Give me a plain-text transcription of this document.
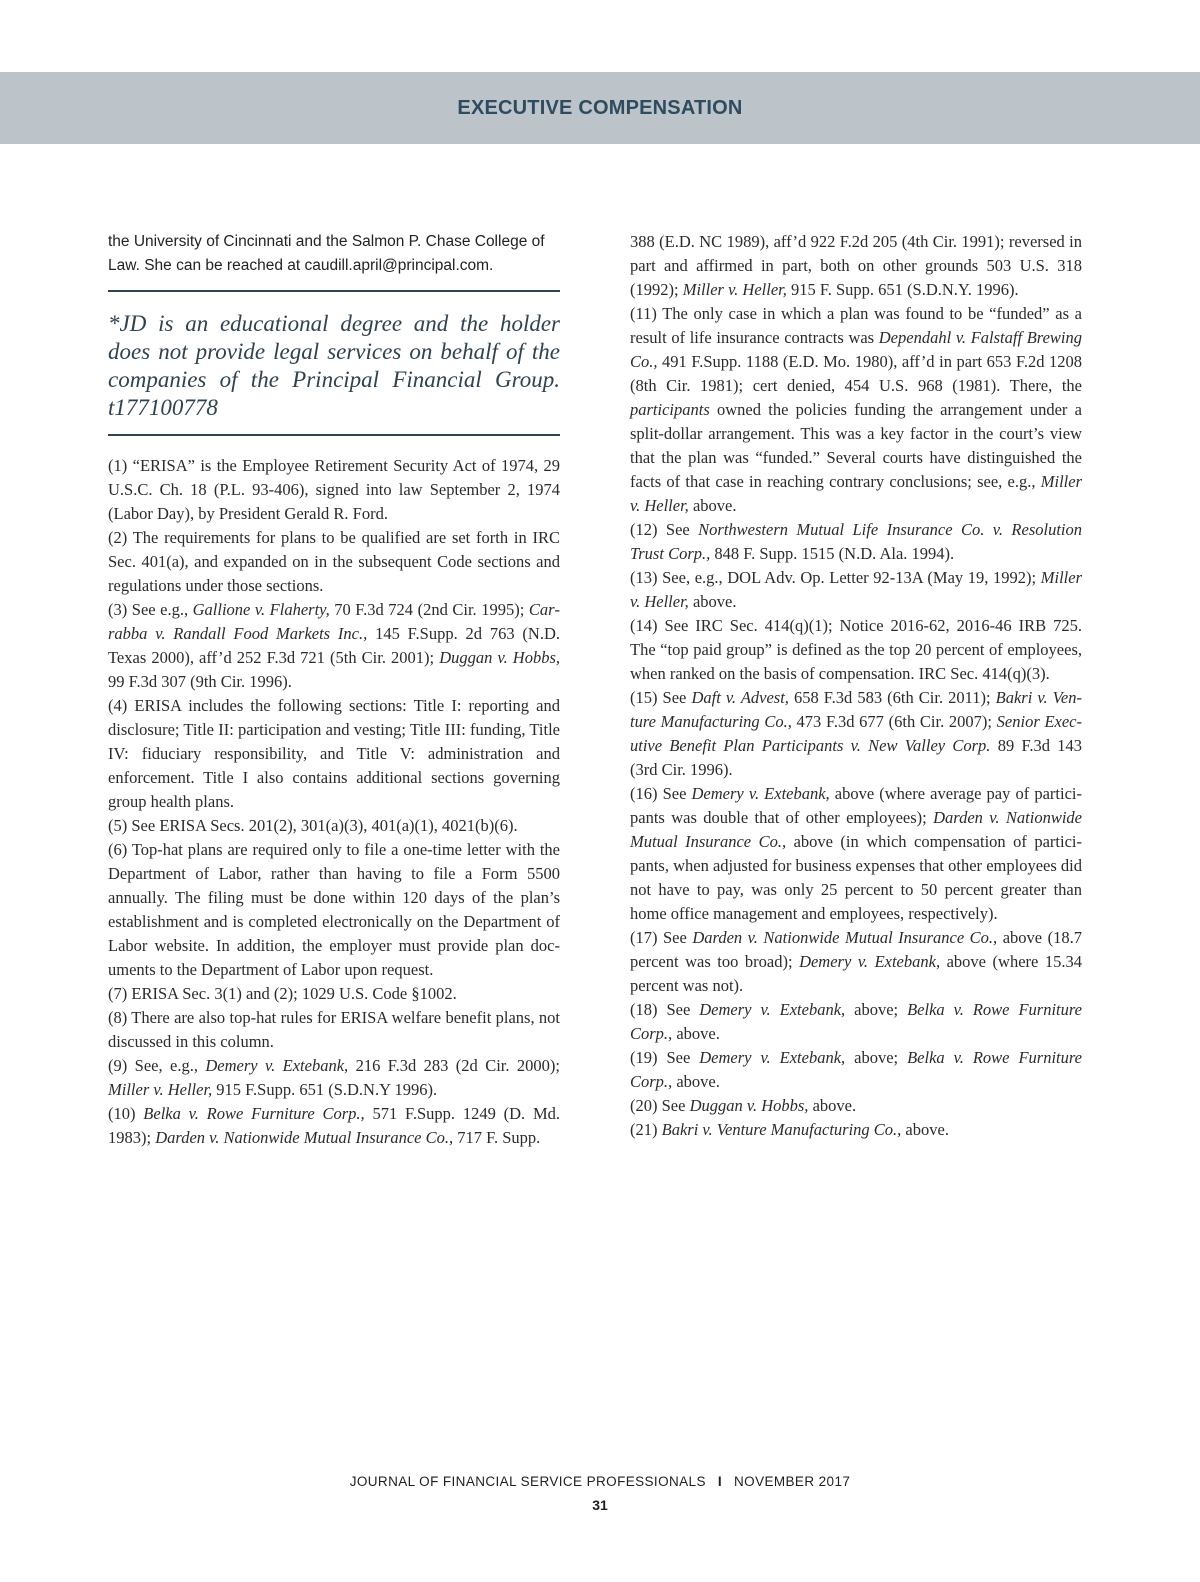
EXECUTIVE COMPENSATION

the University of Cincinnati and the Salmon P. Chase College of Law. She can be reached at caudill.april@principal.com.

*JD is an educational degree and the holder does not provide legal services on behalf of the companies of the Principal Financial Group. t177100778

(1) “ERISA” is the Employee Retirement Security Act of 1974, 29 U.S.C. Ch. 18 (P.L. 93-406), signed into law September 2, 1974 (Labor Day), by President Gerald R. Ford.

(2) The requirements for plans to be qualified are set forth in IRC Sec. 401(a), and expanded on in the subsequent Code sections and regulations under those sections.

(3) See e.g., Gallione v. Flaherty, 70 F.3d 724 (2nd Cir. 1995); Carrabba v. Randall Food Markets Inc., 145 F.Supp. 2d 763 (N.D. Texas 2000), aff’d 252 F.3d 721 (5th Cir. 2001); Duggan v. Hobbs, 99 F.3d 307 (9th Cir. 1996).

(4) ERISA includes the following sections: Title I: reporting and disclosure; Title II: participation and vesting; Title III: funding, Title IV: fiduciary responsibility, and Title V: administration and enforcement. Title I also contains additional sections governing group health plans.

(5) See ERISA Secs. 201(2), 301(a)(3), 401(a)(1), 4021(b)(6).

(6) Top-hat plans are required only to file a one-time letter with the Department of Labor, rather than having to file a Form 5500 annually. The filing must be done within 120 days of the plan’s establishment and is completed electronically on the Department of Labor website. In addition, the employer must provide plan documents to the Department of Labor upon request.

(7) ERISA Sec. 3(1) and (2); 1029 U.S. Code §1002.

(8) There are also top-hat rules for ERISA welfare benefit plans, not discussed in this column.

(9) See, e.g., Demery v. Extebank, 216 F.3d 283 (2d Cir. 2000); Miller v. Heller, 915 F.Supp. 651 (S.D.N.Y 1996).

(10) Belka v. Rowe Furniture Corp., 571 F.Supp. 1249 (D. Md. 1983); Darden v. Nationwide Mutual Insurance Co., 717 F. Supp.

388 (E.D. NC 1989), aff’d 922 F.2d 205 (4th Cir. 1991); reversed in part and affirmed in part, both on other grounds 503 U.S. 318 (1992); Miller v. Heller, 915 F. Supp. 651 (S.D.N.Y. 1996).

(11) The only case in which a plan was found to be “funded” as a result of life insurance contracts was Dependahl v. Falstaff Brewing Co., 491 F.Supp. 1188 (E.D. Mo. 1980), aff’d in part 653 F.2d 1208 (8th Cir. 1981); cert denied, 454 U.S. 968 (1981). There, the participants owned the policies funding the arrangement under a split-dollar arrangement. This was a key factor in the court’s view that the plan was “funded.” Several courts have distinguished the facts of that case in reaching contrary conclusions; see, e.g., Miller v. Heller, above.

(12) See Northwestern Mutual Life Insurance Co. v. Resolution Trust Corp., 848 F. Supp. 1515 (N.D. Ala. 1994).

(13) See, e.g., DOL Adv. Op. Letter 92-13A (May 19, 1992); Miller v. Heller, above.

(14) See IRC Sec. 414(q)(1); Notice 2016-62, 2016-46 IRB 725. The “top paid group” is defined as the top 20 percent of employees, when ranked on the basis of compensation. IRC Sec. 414(q)(3).

(15) See Daft v. Advest, 658 F.3d 583 (6th Cir. 2011); Bakri v. Venture Manufacturing Co., 473 F.3d 677 (6th Cir. 2007); Senior Executive Benefit Plan Participants v. New Valley Corp. 89 F.3d 143 (3rd Cir. 1996).

(16) See Demery v. Extebank, above (where average pay of participants was double that of other employees); Darden v. Nationwide Mutual Insurance Co., above (in which compensation of participants, when adjusted for business expenses that other employees did not have to pay, was only 25 percent to 50 percent greater than home office management and employees, respectively).

(17) See Darden v. Nationwide Mutual Insurance Co., above (18.7 percent was too broad); Demery v. Extebank, above (where 15.34 percent was not).

(18) See Demery v. Extebank, above; Belka v. Rowe Furniture Corp., above.

(19) See Demery v. Extebank, above; Belka v. Rowe Furniture Corp., above.

(20) See Duggan v. Hobbs, above.

(21) Bakri v. Venture Manufacturing Co., above.

JOURNAL OF FINANCIAL SERVICE PROFESSIONALS I NOVEMBER 2017
31
